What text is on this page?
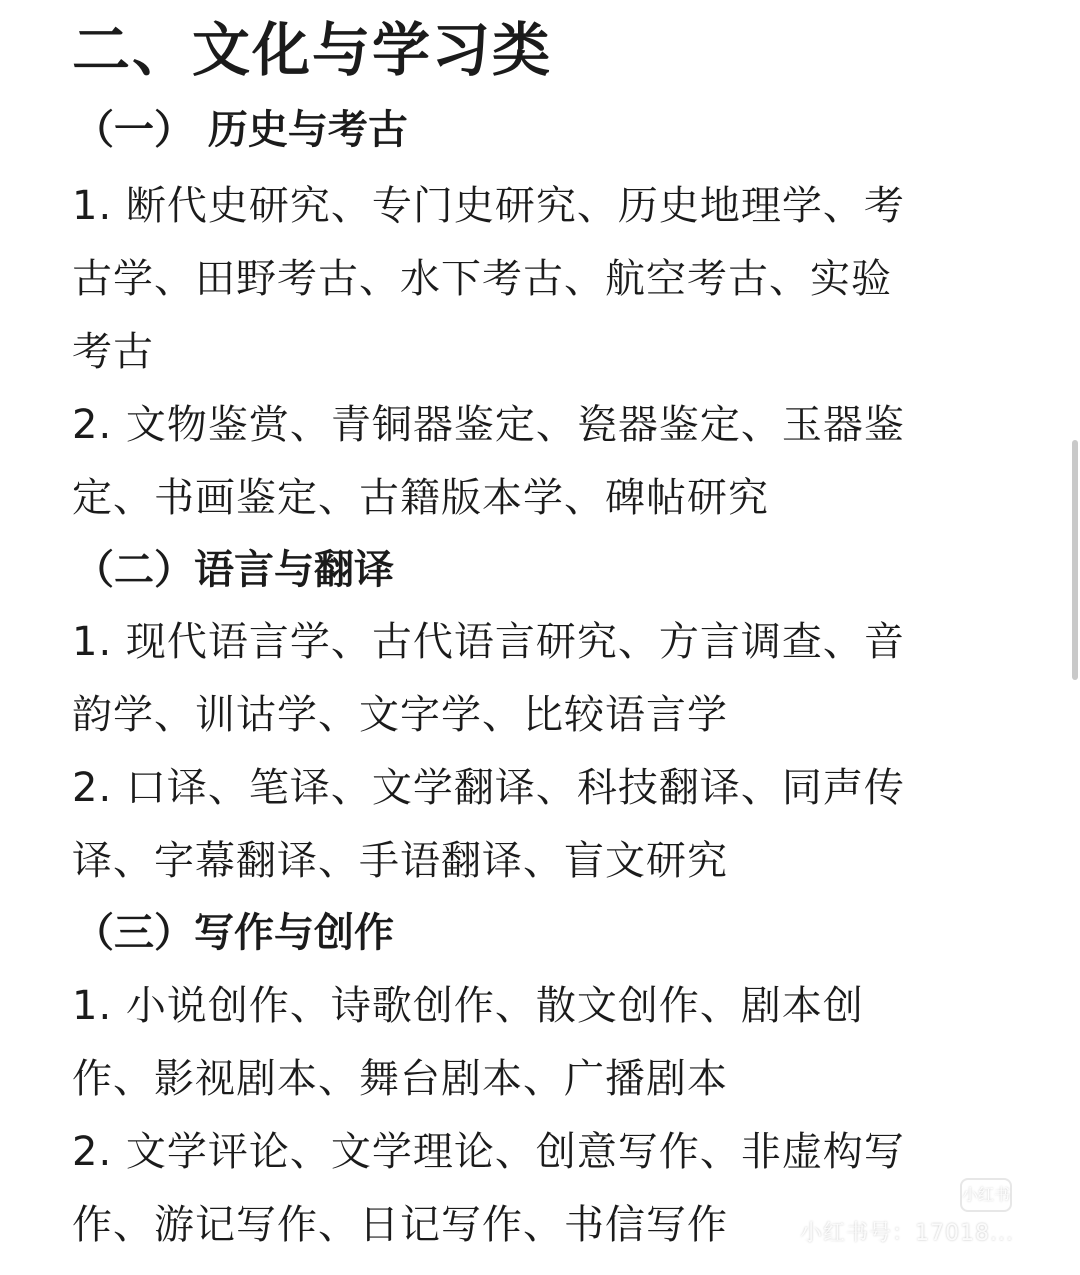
二、文化与学习类
（一） 历史与考古
1. 断代史研究、专门史研究、历史地理学、考
古学、田野考古、水下考古、航空考古、实验
考古
2. 文物鉴赏、青铜器鉴定、瓷器鉴定、玉器鉴
定、书画鉴定、古籍版本学、碑帖研究
（二）语言与翻译
1. 现代语言学、古代语言研究、方言调查、音
韵学、训诂学、文字学、比较语言学
2. 口译、笔译、文学翻译、科技翻译、同声传
译、字幕翻译、手语翻译、盲文研究
（三）写作与创作
1. 小说创作、诗歌创作、散文创作、剧本创
作、影视剧本、舞台剧本、广播剧本
2. 文学评论、文学理论、创意写作、非虚构写
作、游记写作、日记写作、书信写作
小红书
小红书号：17018...
